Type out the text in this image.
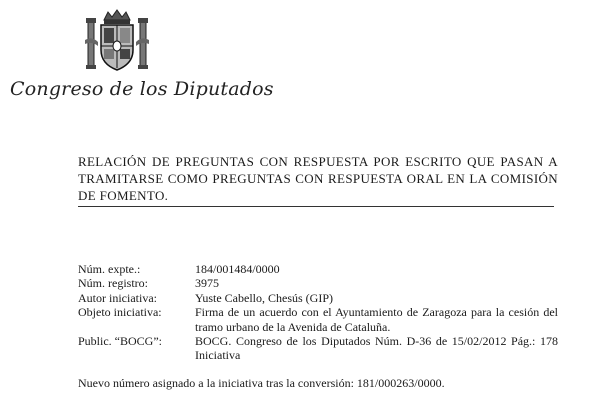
Congreso de los Diputados
RELACIÓN DE PREGUNTAS CON RESPUESTA POR ESCRITO QUE PASAN A TRAMITARSE COMO PREGUNTAS CON RESPUESTA ORAL EN LA COMISIÓN DE FOMENTO.
Núm. expte.:	184/001484/0000
Núm. registro:	3975
Autor iniciativa:	Yuste Cabello, Chesús (GIP)
Objeto iniciativa:	Firma de un acuerdo con el Ayuntamiento de Zaragoza para la cesión del tramo urbano de la Avenida de Cataluña.
Public. “BOCG”:	BOCG. Congreso de los Diputados Núm. D-36 de 15/02/2012 Pág.: 178 Iniciativa
Nuevo número asignado a la iniciativa tras la conversión: 181/000263/0000.
